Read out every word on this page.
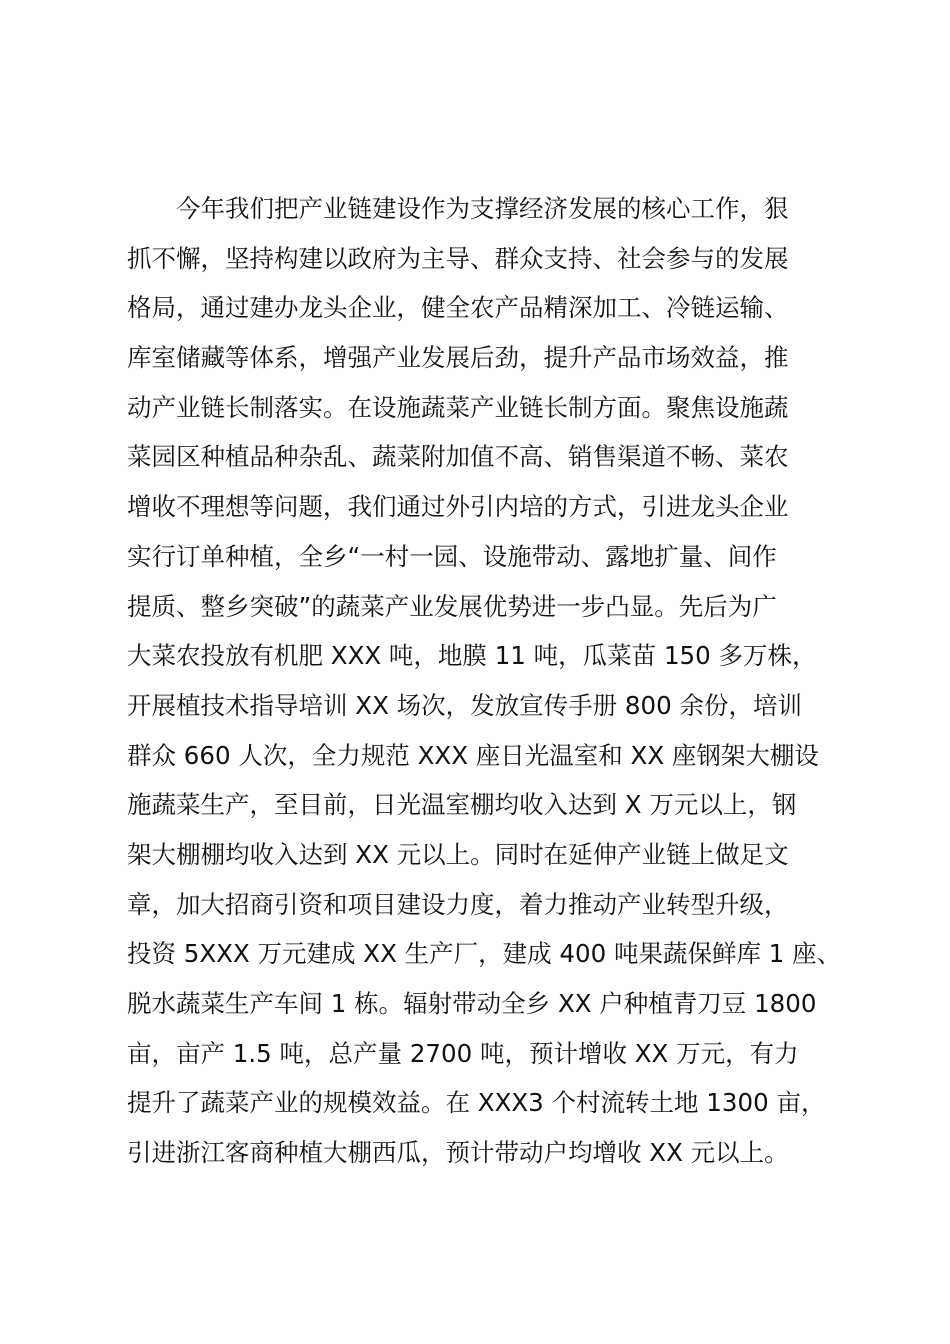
　　今年我们把产业链建设作为支撑经济发展的核心工作，狠
抓不懈，坚持构建以政府为主导、群众支持、社会参与的发展
格局，通过建办龙头企业，健全农产品精深加工、冷链运输、
库室储藏等体系，增强产业发展后劲，提升产品市场效益，推
动产业链长制落实。在设施蔬菜产业链长制方面。聚焦设施蔬
菜园区种植品种杂乱、蔬菜附加值不高、销售渠道不畅、菜农
增收不理想等问题，我们通过外引内培的方式，引进龙头企业
实行订单种植，全乡“一村一园、设施带动、露地扩量、间作
提质、整乡突破”的蔬菜产业发展优势进一步凸显。先后为广
大菜农投放有机肥 XXX 吨，地膜 11 吨，瓜菜苗 150 多万株，
开展植技术指导培训 XX 场次，发放宣传手册 800 余份，培训
群众 660 人次，全力规范 XXX 座日光温室和 XX 座钢架大棚设
施蔬菜生产，至目前，日光温室棚均收入达到 X 万元以上，钢
架大棚棚均收入达到 XX 元以上。同时在延伸产业链上做足文
章，加大招商引资和项目建设力度，着力推动产业转型升级，
投资 5XXX 万元建成 XX 生产厂，建成 400 吨果蔬保鲜库 1 座、
脱水蔬菜生产车间 1 栋。辐射带动全乡 XX 户种植青刀豆 1800
亩，亩产 1.5 吨，总产量 2700 吨，预计增收 XX 万元，有力
提升了蔬菜产业的规模效益。在 XXX3 个村流转土地 1300 亩，
引进浙江客商种植大棚西瓜，预计带动户均增收 XX 元以上。
